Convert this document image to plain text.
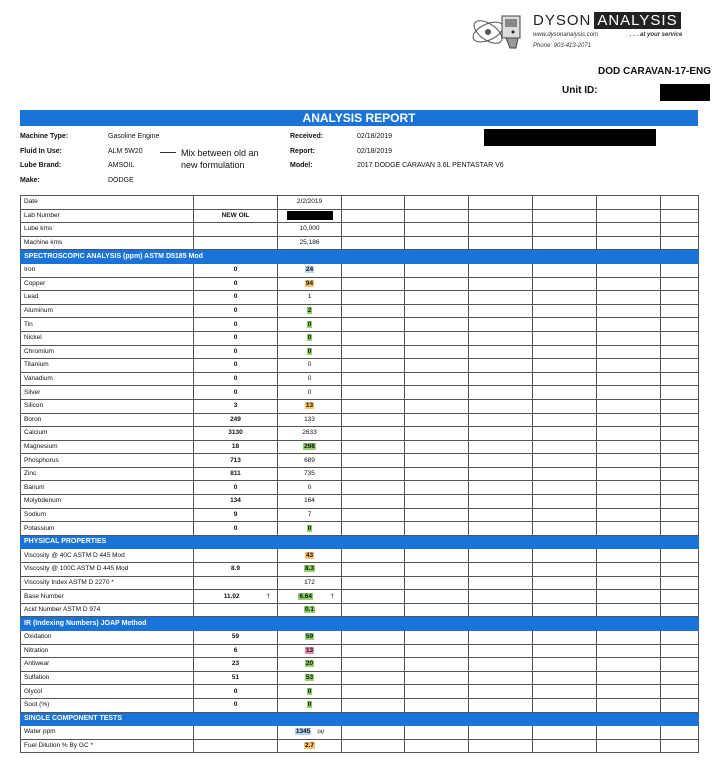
DYSON ANALYSIS
www.dysonanalysis.com	. . . at your service
Phone: 903-413-2071
DOD CARAVAN-17-ENG
Unit ID:
ANALYSIS REPORT
Machine Type:	Gasoline Engine
Fluid In Use:	ALM 5W20
Lube Brand:	AMSOIL
Make:	DODGE
Received:	02/18/2019
Report:	02/18/2019
Model:	2017 DODGE CARAVAN 3.6L PENTASTAR V6
Mix between old an
new formulation
Date		2/2/2019						
Lab Number	NEW OIL							
Lube kms		10,000						
Machine kms		25,186						
SPECTROSCOPIC ANALYSIS (ppm) ASTM D5185 Mod								
Iron	0	24						
Copper	0	94						
Lead	0	1						
Aluminum	0	2						
Tin	0	0						
Nickel	0	0						
Chromium	0	0						
Titanium	0	0						
Vanadium	0	0						
Silver	0	0						
Silicon	3	13						
Boron	249	133						
Calcium	3130	2633						
Magnesium	18	298						
Phosphorus	713	689						
Zinc	811	735						
Barium	0	0						
Molybdenum	134	164						
Sodium	9	7						
Potassium	0	0						
PHYSICAL PROPERTIES								
Viscosity @ 40C ASTM D 445 Mod		43						
Viscosity @ 100C ASTM D 445 Mod	8.9	8.3						
Viscosity Index ASTM D 2270 *		172						
Base Number	11.02 †	6.64 †						

Acid Number ASTM D 974		0.1						
IR (Indexing Numbers) JOAP Method								
Oxidation	59	59						
Nitration	6	13						
Antiwear	23	20						
Sulfation	51	53						
Glycol	0	0						
Soot (%)	0	0						
SINGLE COMPONENT TESTS								
Water ppm		1345 (a)						
Fuel Dilution % By GC *		2.7						
